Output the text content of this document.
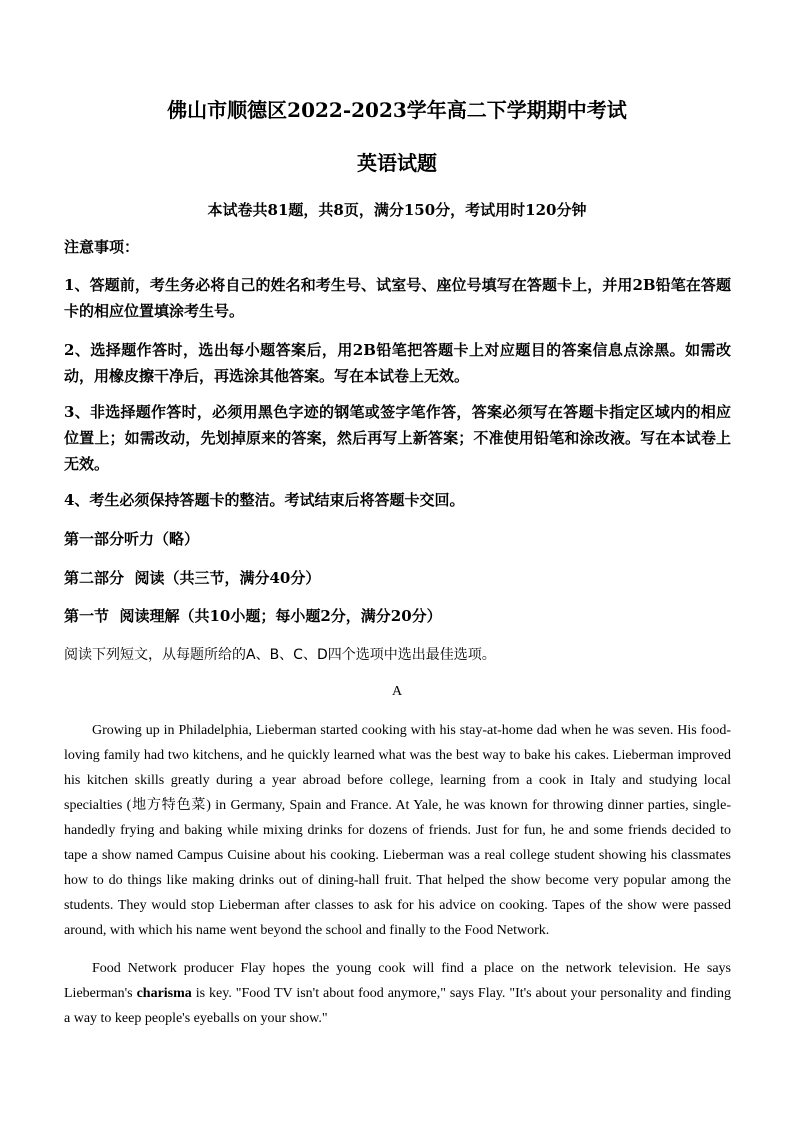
佛山市顺德区2022-2023学年高二下学期期中考试
英语试题
本试卷共81题，共8页，满分150分，考试用时120分钟
注意事项：

1、答题前，考生务必将自己的姓名和考生号、试室号、座位号填写在答题卡上，并用2B铅笔在答题卡的相应位置填涂考生号。

2、选择题作答时，选出每小题答案后，用2B铅笔把答题卡上对应题目的答案信息点涂黑。如需改动，用橡皮擦干净后，再选涂其他答案。写在本试卷上无效。

3、非选择题作答时，必须用黑色字迹的钢笔或签字笔作答，答案必须写在答题卡指定区域内的相应位置上；如需改动，先划掉原来的答案，然后再写上新答案；不准使用铅笔和涂改液。写在本试卷上无效。

4、考生必须保持答题卡的整洁。考试结束后将答题卡交回。

第一部分听力（略）
第二部分  阅读（共三节，满分40分）
第一节  阅读理解（共10小题；每小题2分，满分20分）
阅读下列短文，从每题所给的A、B、C、D四个选项中选出最佳选项。
A

Growing up in Philadelphia, Lieberman started cooking with his stay-at-home dad when he was seven. His food-loving family had two kitchens, and he quickly learned what was the best way to bake his cakes. Lieberman improved his kitchen skills greatly during a year abroad before college, learning from a cook in Italy and studying local specialties (地方特色菜) in Germany, Spain and France. At Yale, he was known for throwing dinner parties, single-handedly frying and baking while mixing drinks for dozens of friends. Just for fun, he and some friends decided to tape a show named Campus Cuisine about his cooking. Lieberman was a real college student showing his classmates how to do things like making drinks out of dining-hall fruit. That helped the show become very popular among the students. They would stop Lieberman after classes to ask for his advice on cooking. Tapes of the show were passed around, with which his name went beyond the school and finally to the Food Network.

Food Network producer Flay hopes the young cook will find a place on the network television. He says Lieberman's charisma is key. "Food TV isn't about food anymore," says Flay. "It's about your personality and finding a way to keep people's eyeballs on your show."
